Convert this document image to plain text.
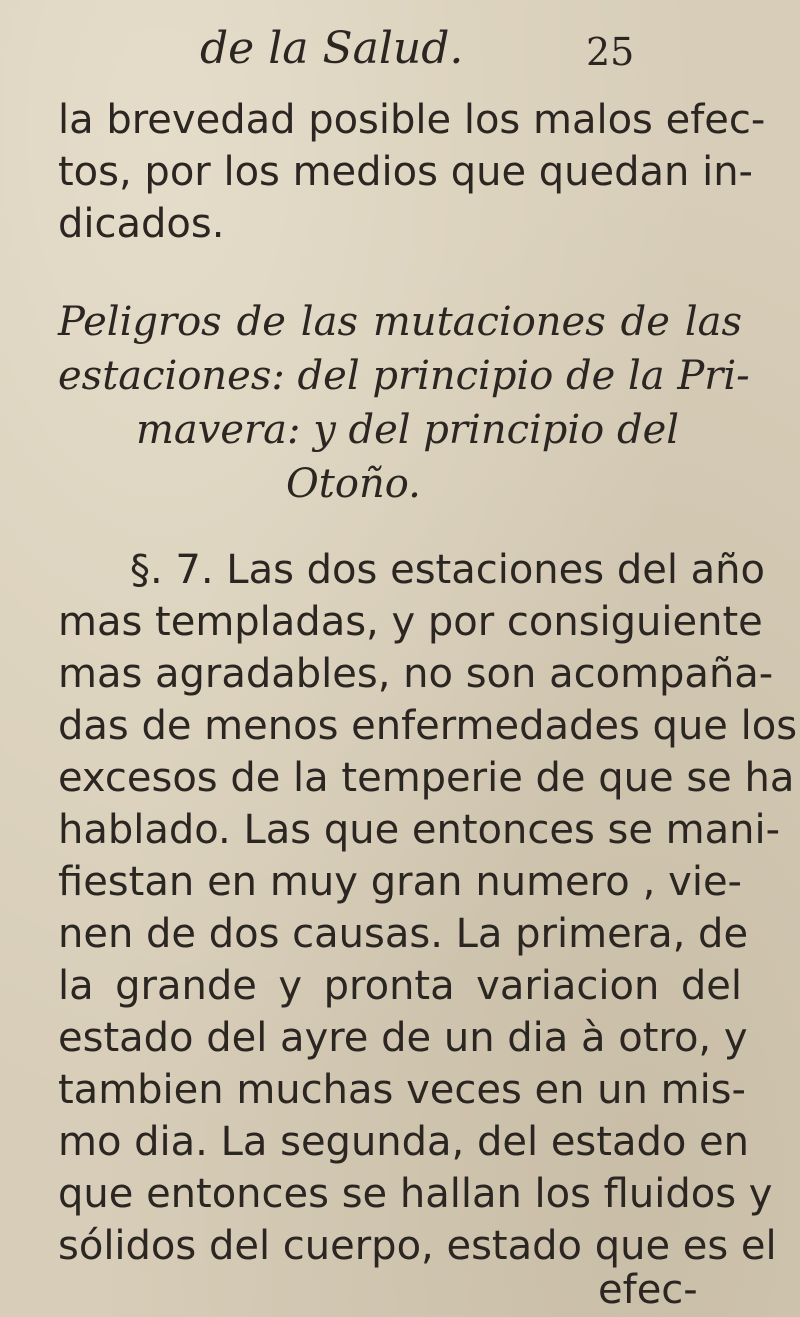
de la Salud.	25
la brevedad posible los malos efec-
tos, por los medios que quedan in-
dicados.
Peligros de las mutaciones de las
estaciones: del principio de la Pri-
mavera: y del principio del
Otoño.
§. 7. Las dos estaciones del año
mas templadas, y por consiguiente
mas agradables, no son acompaña-
das de menos enfermedades que los
excesos de la temperie de que se ha
hablado. Las que entonces se mani-
fiestan en muy gran numero , vie-
nen de dos causas. La primera, de
la grande y pronta variacion del
estado del ayre de un dia à otro, y
tambien muchas veces en un mis-
mo dia. La segunda, del estado en
que entonces se hallan los fluidos y
sólidos del cuerpo, estado que es el
efec-
